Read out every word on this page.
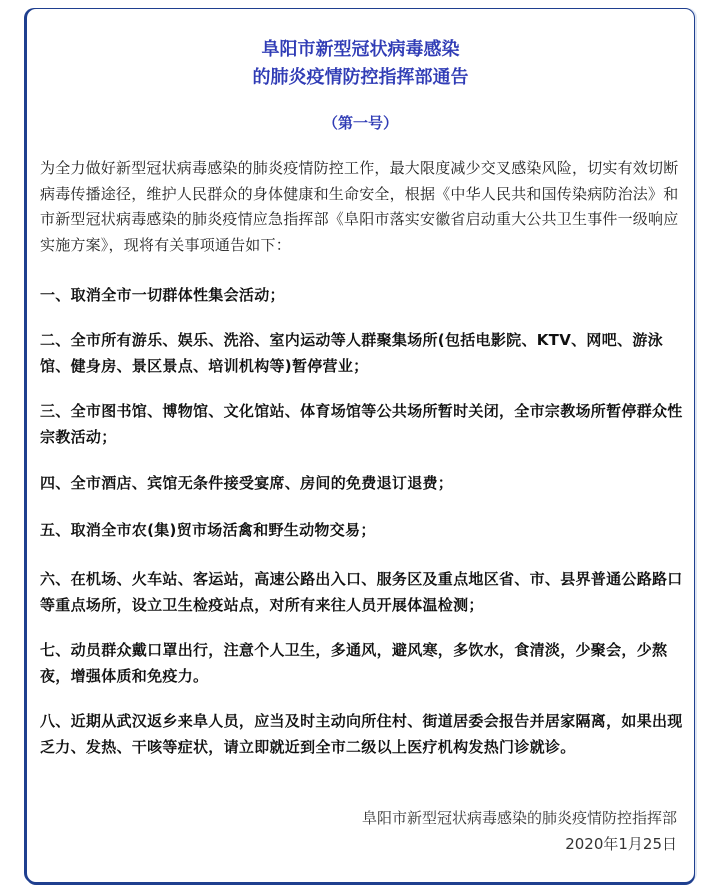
阜阳市新型冠状病毒感染
的肺炎疫情防控指挥部通告
（第一号）
为全力做好新型冠状病毒感染的肺炎疫情防控工作，最大限度减少交叉感染风险，切实有效切断病毒传播途径，维护人民群众的身体健康和生命安全，根据《中华人民共和国传染病防治法》和市新型冠状病毒感染的肺炎疫情应急指挥部《阜阳市落实安徽省启动重大公共卫生事件一级响应实施方案》，现将有关事项通告如下：
一、取消全市一切群体性集会活动；
二、全市所有游乐、娱乐、洗浴、室内运动等人群聚集场所(包括电影院、KTV、网吧、游泳馆、健身房、景区景点、培训机构等)暂停营业；
三、全市图书馆、博物馆、文化馆站、体育场馆等公共场所暂时关闭，全市宗教场所暂停群众性宗教活动；
四、全市酒店、宾馆无条件接受宴席、房间的免费退订退费；
五、取消全市农(集)贸市场活禽和野生动物交易；
六、在机场、火车站、客运站，高速公路出入口、服务区及重点地区省、市、县界普通公路路口等重点场所，设立卫生检疫站点，对所有来往人员开展体温检测；
七、动员群众戴口罩出行，注意个人卫生，多通风，避风寒，多饮水，食清淡，少聚会，少熬夜，增强体质和免疫力。
八、近期从武汉返乡来阜人员，应当及时主动向所住村、街道居委会报告并居家隔离，如果出现乏力、发热、干咳等症状，请立即就近到全市二级以上医疗机构发热门诊就诊。
阜阳市新型冠状病毒感染的肺炎疫情防控指挥部
2020年1月25日
